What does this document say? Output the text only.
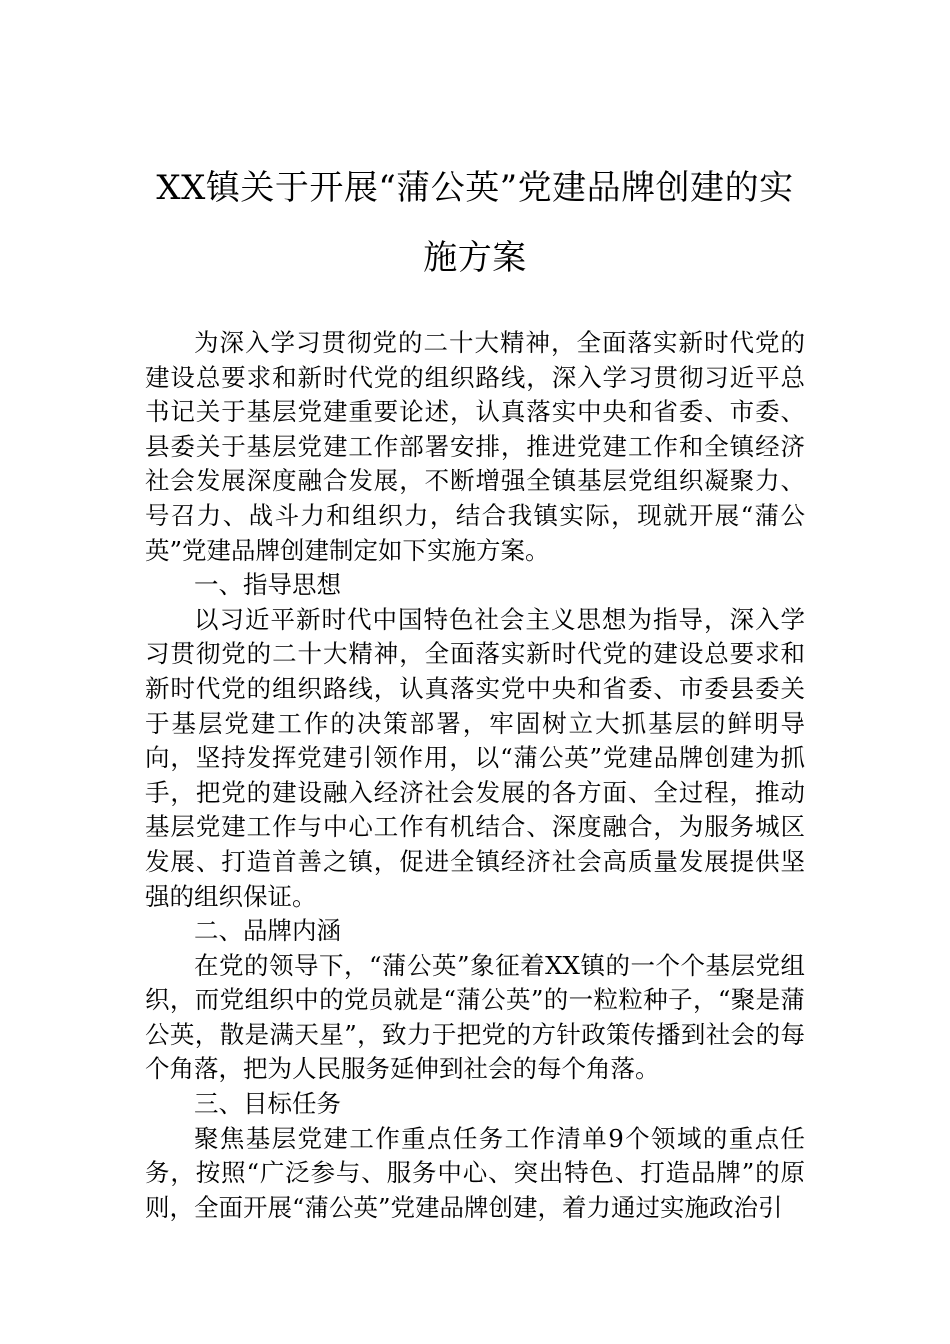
XX镇关于开展“蒲公英”党建品牌创建的实
施方案

为深入学习贯彻党的二十大精神，全面落实新时代党的建设总要求和新时代党的组织路线，深入学习贯彻习近平总书记关于基层党建重要论述，认真落实中央和省委、市委、县委关于基层党建工作部署安排，推进党建工作和全镇经济社会发展深度融合发展，不断增强全镇基层党组织凝聚力、号召力、战斗力和组织力，结合我镇实际，现就开展“蒲公英”党建品牌创建制定如下实施方案。

一、指导思想

以习近平新时代中国特色社会主义思想为指导，深入学习贯彻党的二十大精神，全面落实新时代党的建设总要求和新时代党的组织路线，认真落实党中央和省委、市委县委关于基层党建工作的决策部署，牢固树立大抓基层的鲜明导向，坚持发挥党建引领作用，以“蒲公英”党建品牌创建为抓手，把党的建设融入经济社会发展的各方面、全过程，推动基层党建工作与中心工作有机结合、深度融合，为服务城区发展、打造首善之镇，促进全镇经济社会高质量发展提供坚强的组织保证。

二、品牌内涵

在党的领导下，“蒲公英”象征着XX镇的一个个基层党组织，而党组织中的党员就是“蒲公英”的一粒粒种子，“聚是蒲公英，散是满天星”，致力于把党的方针政策传播到社会的每个角落，把为人民服务延伸到社会的每个角落。

三、目标任务

聚焦基层党建工作重点任务工作清单9个领域的重点任务，按照“广泛参与、服务中心、突出特色、打造品牌”的原则，全面开展“蒲公英”党建品牌创建，着力通过实施政治引
